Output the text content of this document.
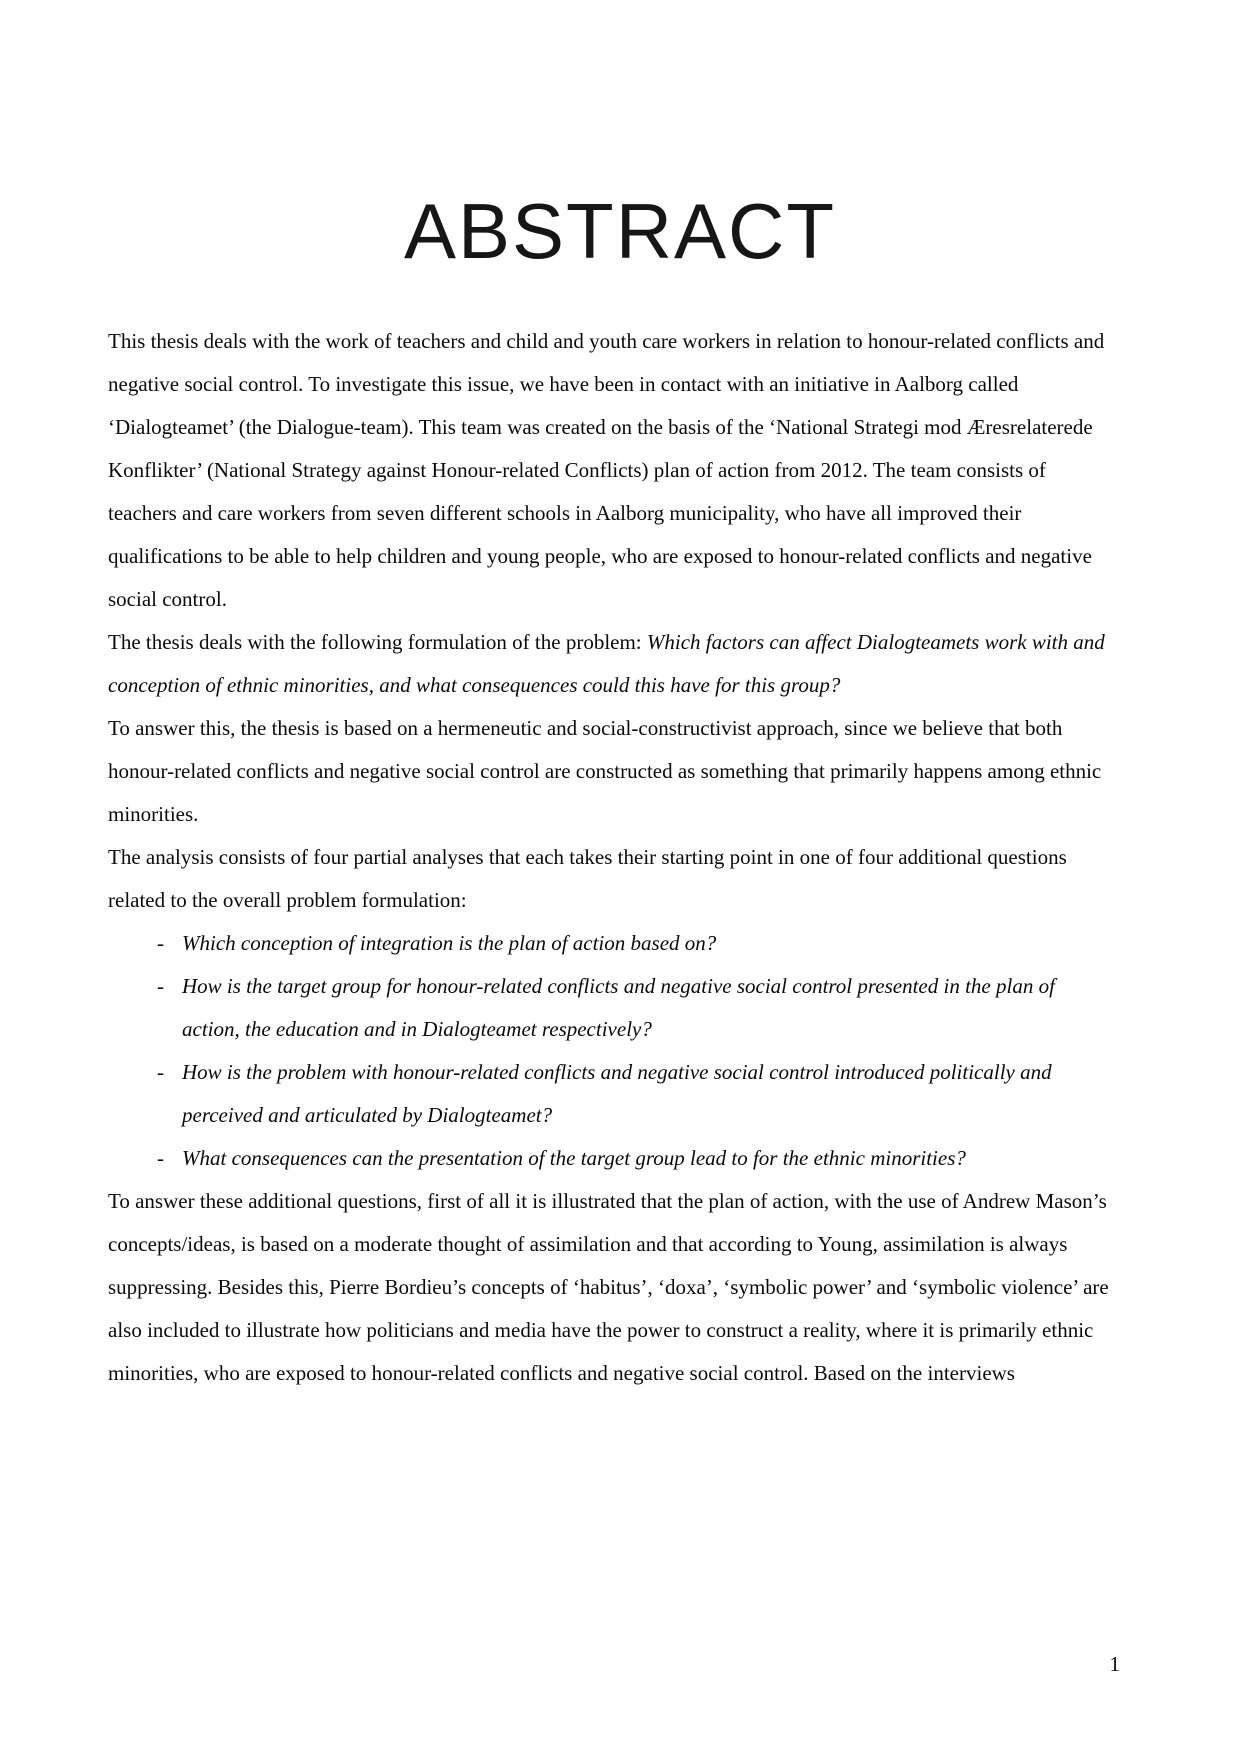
ABSTRACT

This thesis deals with the work of teachers and child and youth care workers in relation to honour-related conflicts and negative social control. To investigate this issue, we have been in contact with an initiative in Aalborg called ‘Dialogteamet’ (the Dialogue-team). This team was created on the basis of the ‘National Strategi mod Æresrelaterede Konflikter’ (National Strategy against Honour-related Conflicts) plan of action from 2012. The team consists of teachers and care workers from seven different schools in Aalborg municipality, who have all improved their qualifications to be able to help children and young people, who are exposed to honour-related conflicts and negative social control.

The thesis deals with the following formulation of the problem: Which factors can affect Dialogteamets work with and conception of ethnic minorities, and what consequences could this have for this group?

To answer this, the thesis is based on a hermeneutic and social-constructivist approach, since we believe that both honour-related conflicts and negative social control are constructed as something that primarily happens among ethnic minorities.

The analysis consists of four partial analyses that each takes their starting point in one of four additional questions related to the overall problem formulation:

- Which conception of integration is the plan of action based on?
- How is the target group for honour-related conflicts and negative social control presented in the plan of action, the education and in Dialogteamet respectively?
- How is the problem with honour-related conflicts and negative social control introduced politically and perceived and articulated by Dialogteamet?
- What consequences can the presentation of the target group lead to for the ethnic minorities?

To answer these additional questions, first of all it is illustrated that the plan of action, with the use of Andrew Mason’s concepts/ideas, is based on a moderate thought of assimilation and that according to Young, assimilation is always suppressing. Besides this, Pierre Bordieu’s concepts of ‘habitus’, ‘doxa’, ‘symbolic power’ and ‘symbolic violence’ are also included to illustrate how politicians and media have the power to construct a reality, where it is primarily ethnic minorities, who are exposed to honour-related conflicts and negative social control. Based on the interviews

1
